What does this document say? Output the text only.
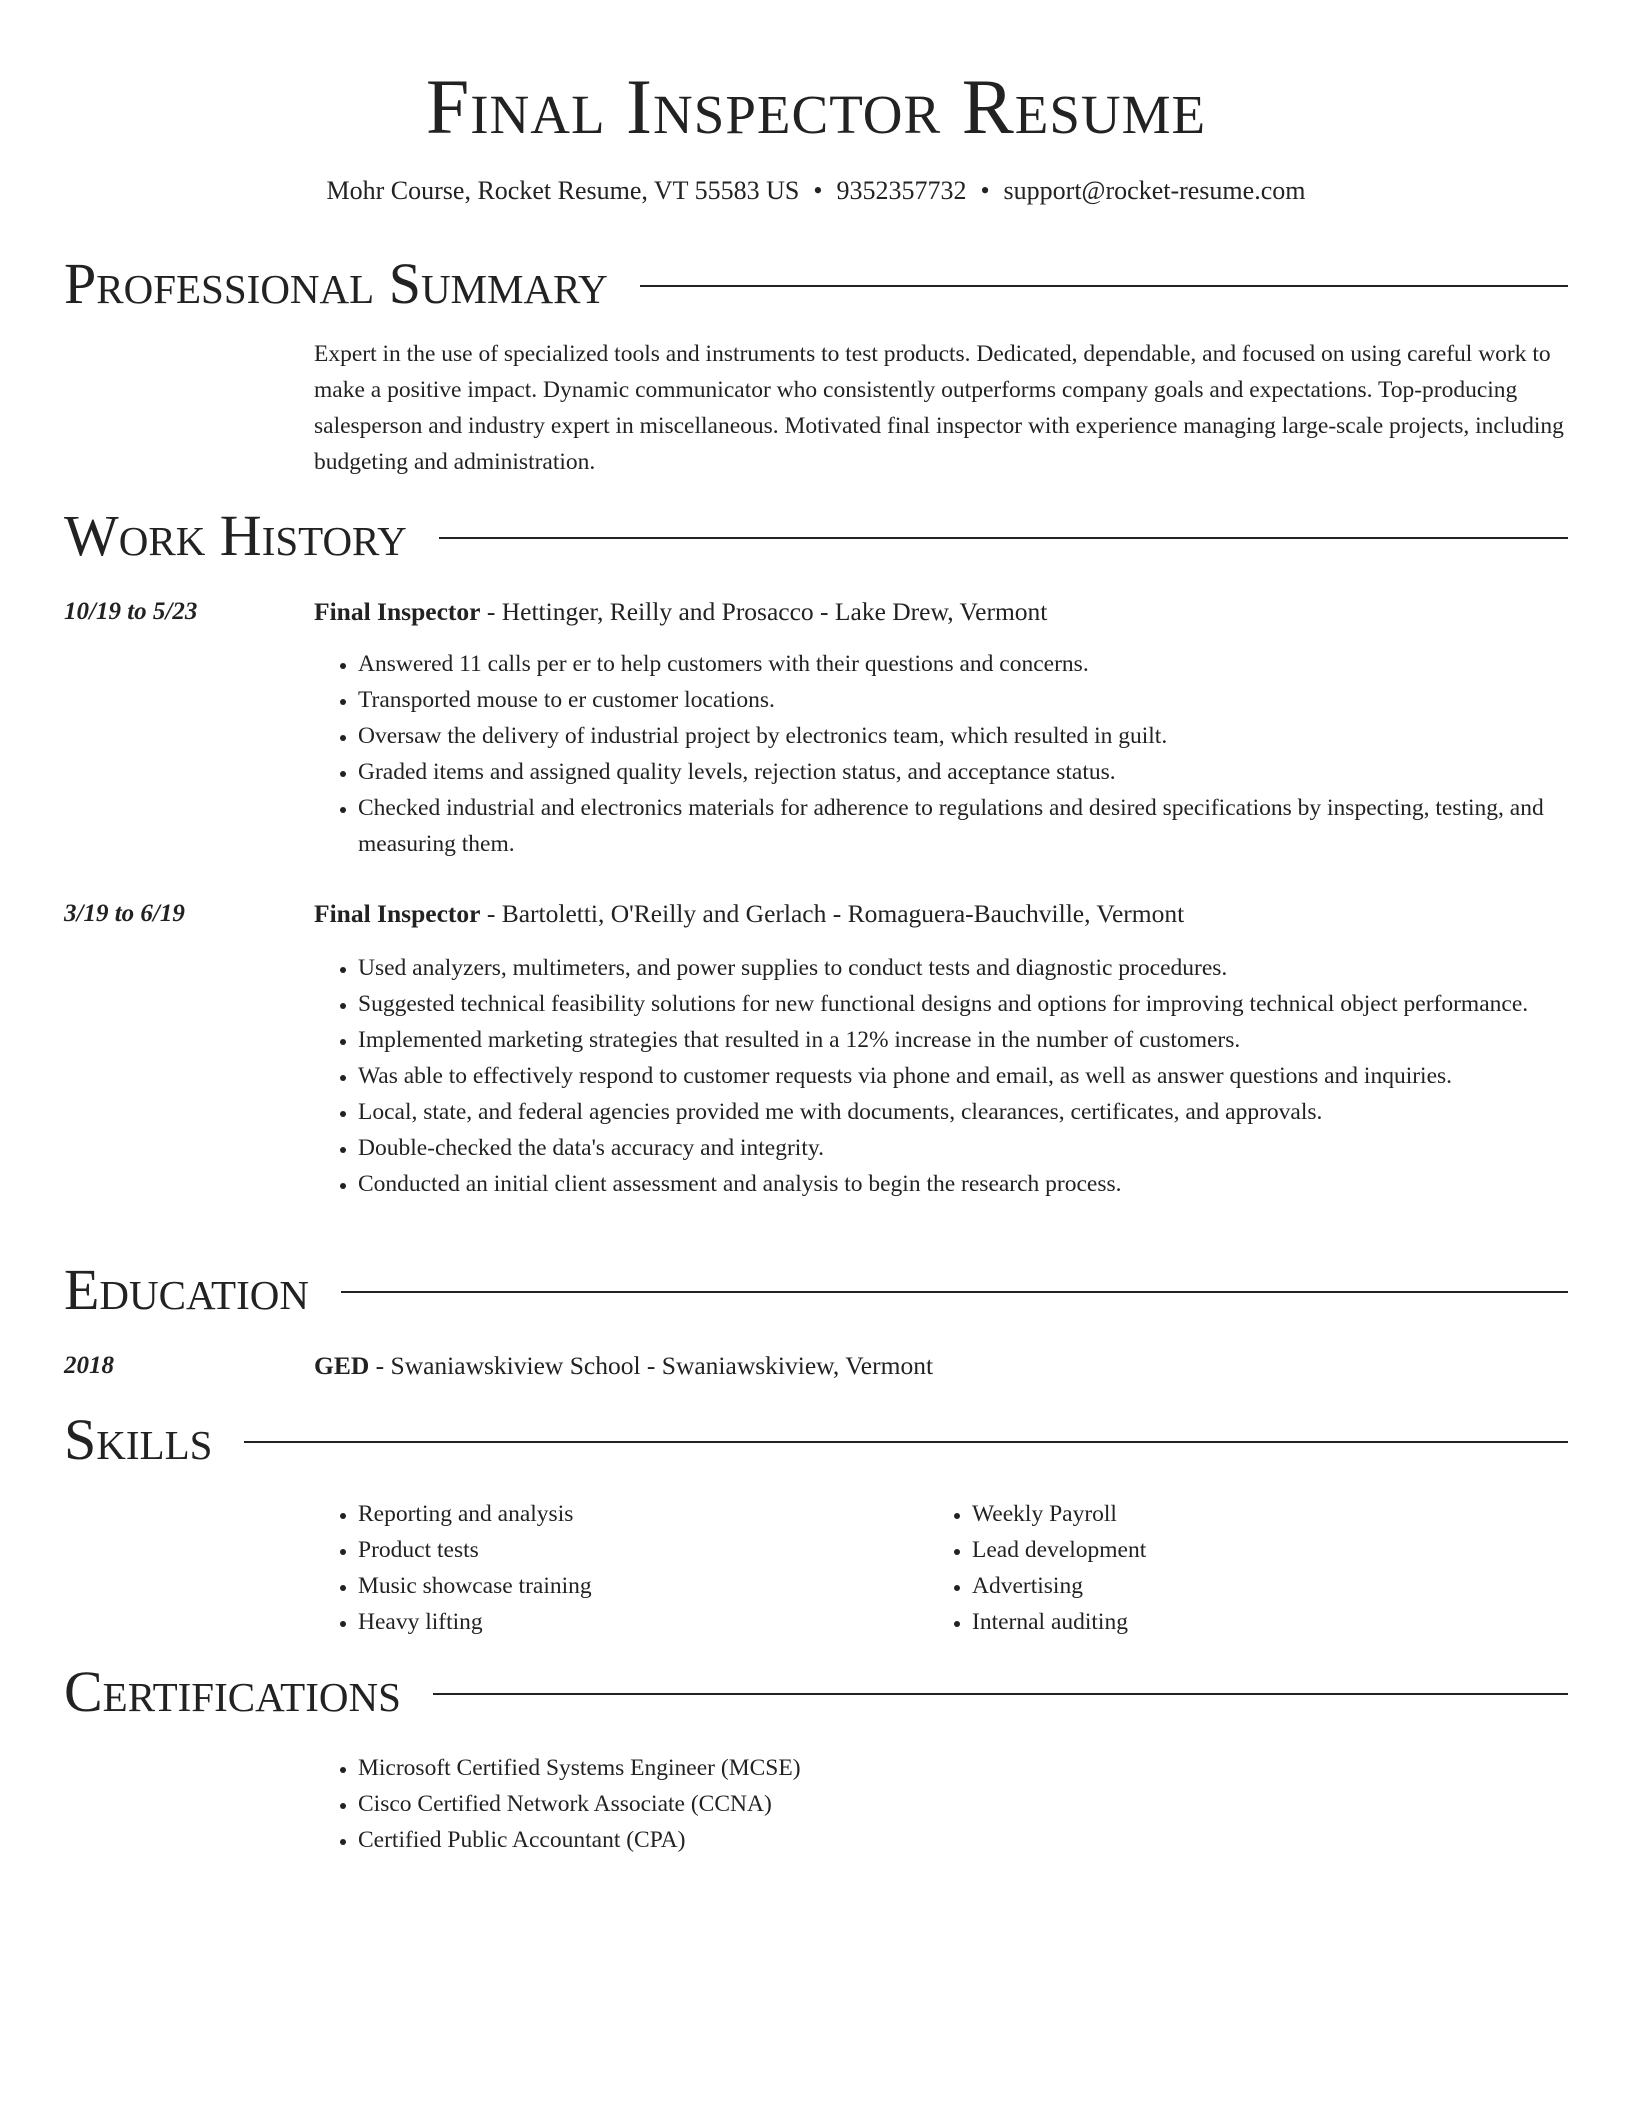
Final Inspector Resume
Mohr Course, Rocket Resume, VT 55583 US • 9352357732 • support@rocket-resume.com
Professional Summary
Expert in the use of specialized tools and instruments to test products. Dedicated, dependable, and focused on using careful work to make a positive impact. Dynamic communicator who consistently outperforms company goals and expectations. Top-producing salesperson and industry expert in miscellaneous. Motivated final inspector with experience managing large-scale projects, including budgeting and administration.
Work History
10/19 to 5/23	Final Inspector - Hettinger, Reilly and Prosacco - Lake Drew, Vermont
• Answered 11 calls per er to help customers with their questions and concerns.
• Transported mouse to er customer locations.
• Oversaw the delivery of industrial project by electronics team, which resulted in guilt.
• Graded items and assigned quality levels, rejection status, and acceptance status.
• Checked industrial and electronics materials for adherence to regulations and desired specifications by inspecting, testing, and measuring them.
3/19 to 6/19	Final Inspector - Bartoletti, O'Reilly and Gerlach - Romaguera-Bauchville, Vermont
• Used analyzers, multimeters, and power supplies to conduct tests and diagnostic procedures.
• Suggested technical feasibility solutions for new functional designs and options for improving technical object performance.
• Implemented marketing strategies that resulted in a 12% increase in the number of customers.
• Was able to effectively respond to customer requests via phone and email, as well as answer questions and inquiries.
• Local, state, and federal agencies provided me with documents, clearances, certificates, and approvals.
• Double-checked the data's accuracy and integrity.
• Conducted an initial client assessment and analysis to begin the research process.
Education
2018	GED - Swaniawskiview School - Swaniawskiview, Vermont
Skills
• Reporting and analysis
• Product tests
• Music showcase training
• Heavy lifting
• Weekly Payroll
• Lead development
• Advertising
• Internal auditing
Certifications
• Microsoft Certified Systems Engineer (MCSE)
• Cisco Certified Network Associate (CCNA)
• Certified Public Accountant (CPA)
